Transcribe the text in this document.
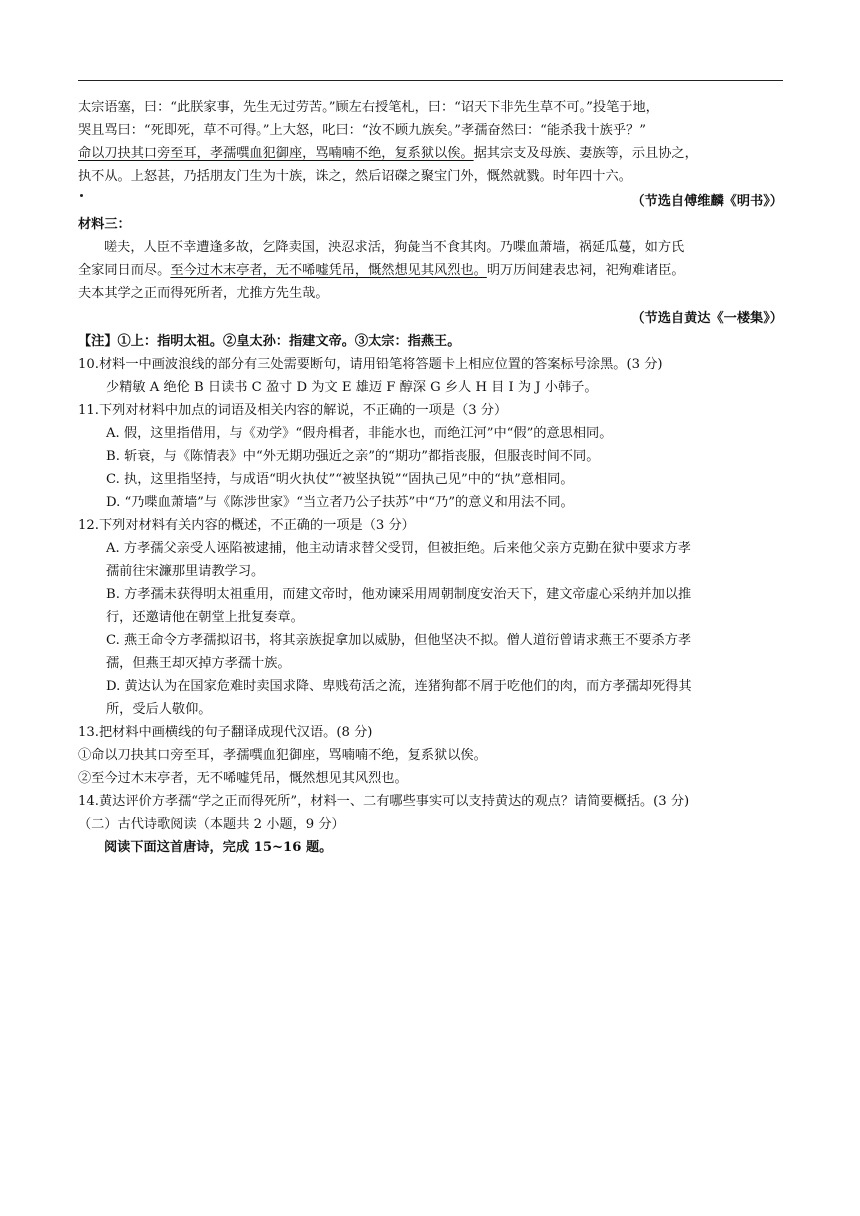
太宗语塞，曰：“此朕家事，先生无过劳苦。”顾左右授笔札，曰：“诏天下非先生草不可。”投笔于地，

哭且骂曰：“死即死，草不可得。”上大怒，叱曰：“汝不顾九族矣。”孝孺奋然曰：“能杀我十族乎？”

命以刀抉其口旁至耳，孝孺噀血犯御座，骂喃喃不绝，复系狱以俟。据其宗支及母族、妻族等，示且协之，

执不从。上怒甚，乃括朋友门生为十族，诛之，然后诏磔之聚宝门外，慨然就戮。时年四十六。

（节选自傅维麟《明书》）

材料三：

嗟夫，人臣不幸遭逢多故，乞降卖国，泱忍求活，狗彘当不食其肉。乃喋血萧墙，祸延瓜蔓，如方氏

全家同日而尽。至今过木末亭者，无不唏嘘凭吊，慨然想见其风烈也。明万历间建表忠祠，祀殉难诸臣。

夫本其学之正而得死所者，尤推方先生哉。

（节选自黄达《一楼集》）

【注】①上：指明太祖。②皇太孙：指建文帝。③太宗：指燕王。

10.材料一中画波浪线的部分有三处需要断句，请用铅笔将答题卡上相应位置的答案标号涂黑。(3 分)

少精敏 A 绝伦 B 日读书 C 盈寸 D 为文 E 雄迈 F 醇深 G 乡人 H 目 I 为 J 小韩子。

11.下列对材料中加点的词语及相关内容的解说，不正确的一项是（3 分）

A. 假，这里指借用，与《劝学》“假舟楫者，非能水也，而绝江河”中“假”的意思相同。

B. 斩衰，与《陈情表》中“外无期功强近之亲”的“期功”都指丧服，但服丧时间不同。

C. 执，这里指坚持，与成语“明火执仗”“被坚执锐”“固执己见”中的“执”意相同。

D. “乃喋血萧墙”与《陈涉世家》“当立者乃公子扶苏”中“乃”的意义和用法不同。

12.下列对材料有关内容的概述，不正确的一项是（3 分）

A. 方孝孺父亲受人诬陷被逮捕，他主动请求替父受罚，但被拒绝。后来他父亲方克勤在狱中要求方孝

孺前往宋濂那里请教学习。

B. 方孝孺未获得明太祖重用，而建文帝时，他劝谏采用周朝制度安治天下，建文帝虚心采纳并加以推

行，还邀请他在朝堂上批复奏章。

C. 燕王命令方孝孺拟诏书，将其亲族捉拿加以威胁，但他坚决不拟。僧人道衍曾请求燕王不要杀方孝

孺，但燕王却灭掉方孝孺十族。

D. 黄达认为在国家危难时卖国求降、卑贱苟活之流，连猪狗都不屑于吃他们的肉，而方孝孺却死得其

所，受后人敬仰。

13.把材料中画横线的句子翻译成现代汉语。(8 分)

①命以刀抉其口旁至耳，孝孺噀血犯御座，骂喃喃不绝，复系狱以俟。

②至今过木末亭者，无不唏嘘凭吊，慨然想见其风烈也。

14.黄达评价方孝孺“学之正而得死所”，材料一、二有哪些事实可以支持黄达的观点？请简要概括。(3 分)

（二）古代诗歌阅读（本题共 2 小题，9 分）

阅读下面这首唐诗，完成 15~16 题。
